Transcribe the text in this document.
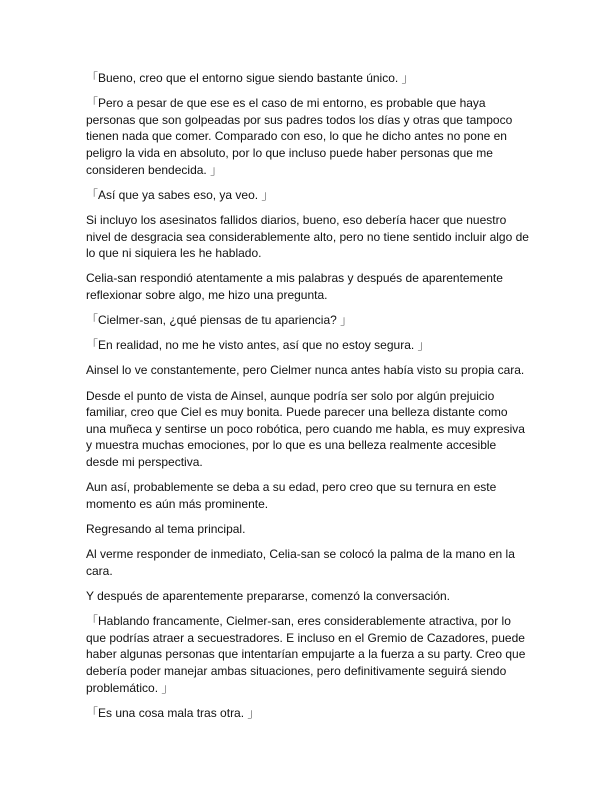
「Bueno, creo que el entorno sigue siendo bastante único. 」

「Pero a pesar de que ese es el caso de mi entorno, es probable que haya personas que son golpeadas por sus padres todos los días y otras que tampoco tienen nada que comer. Comparado con eso, lo que he dicho antes no pone en peligro la vida en absoluto, por lo que incluso puede haber personas que me consideren bendecida. 」

「Así que ya sabes eso, ya veo. 」

Si incluyo los asesinatos fallidos diarios, bueno, eso debería hacer que nuestro nivel de desgracia sea considerablemente alto, pero no tiene sentido incluir algo de lo que ni siquiera les he hablado.

Celia-san respondió atentamente a mis palabras y después de aparentemente reflexionar sobre algo, me hizo una pregunta.

「Cielmer-san, ¿qué piensas de tu apariencia? 」

「En realidad, no me he visto antes, así que no estoy segura. 」

Ainsel lo ve constantemente, pero Cielmer nunca antes había visto su propia cara.

Desde el punto de vista de Ainsel, aunque podría ser solo por algún prejuicio familiar, creo que Ciel es muy bonita. Puede parecer una belleza distante como una muñeca y sentirse un poco robótica, pero cuando me habla, es muy expresiva y muestra muchas emociones, por lo que es una belleza realmente accesible desde mi perspectiva.

Aun así, probablemente se deba a su edad, pero creo que su ternura en este momento es aún más prominente.

Regresando al tema principal.

Al verme responder de inmediato, Celia-san se colocó la palma de la mano en la cara.

Y después de aparentemente prepararse, comenzó la conversación.

「Hablando francamente, Cielmer-san, eres considerablemente atractiva, por lo que podrías atraer a secuestradores. E incluso en el Gremio de Cazadores, puede haber algunas personas que intentarían empujarte a la fuerza a su party. Creo que debería poder manejar ambas situaciones, pero definitivamente seguirá siendo problemático. 」

「Es una cosa mala tras otra. 」
